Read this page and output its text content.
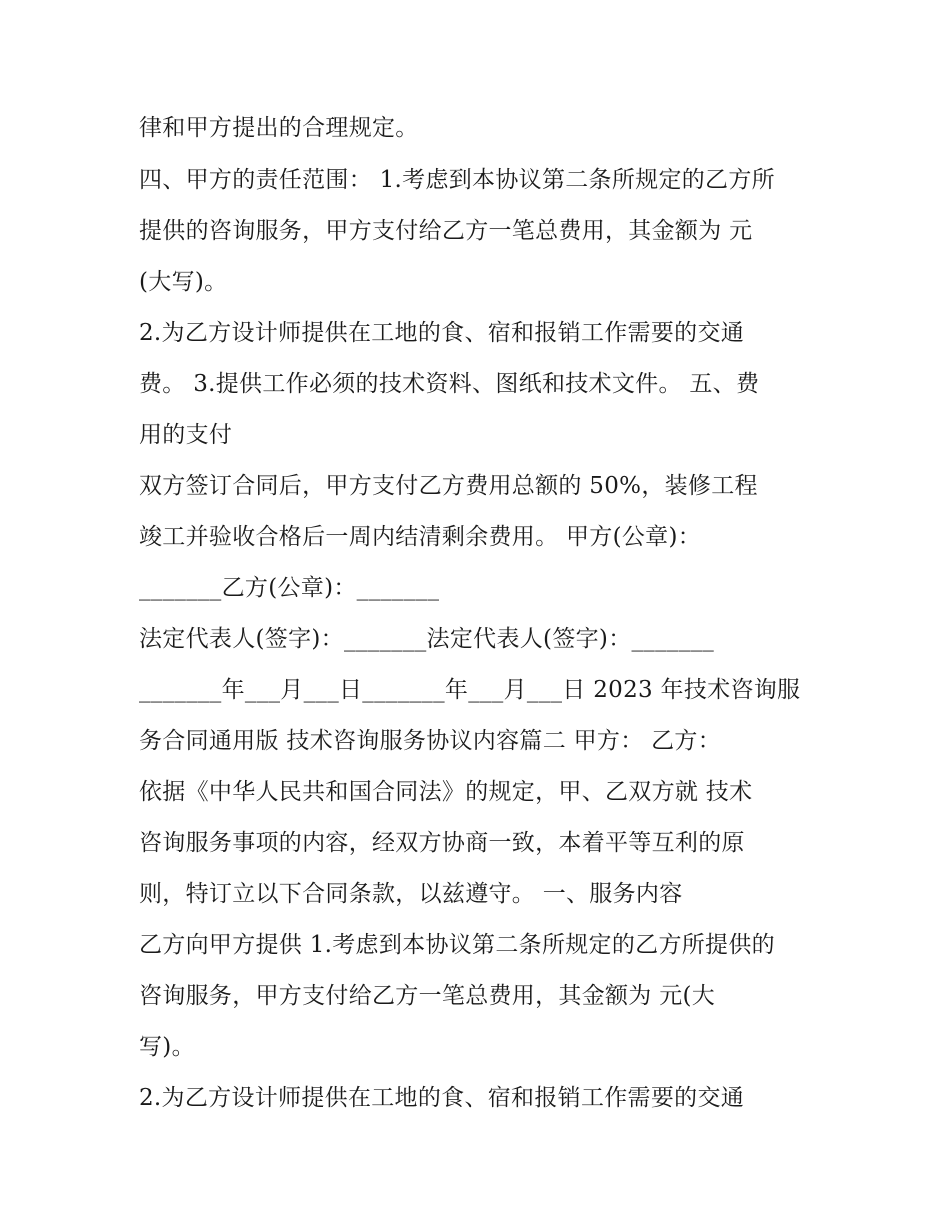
律和甲方提出的合理规定。
四、甲方的责任范围： 1.考虑到本协议第二条所规定的乙方所
提供的咨询服务，甲方支付给乙方一笔总费用，其金额为 元
(大写)。
2.为乙方设计师提供在工地的食、宿和报销工作需要的交通
费。 3.提供工作必须的技术资料、图纸和技术文件。 五、费
用的支付
双方签订合同后，甲方支付乙方费用总额的 50%，装修工程
竣工并验收合格后一周内结清剩余费用。 甲方(公章)：
_______乙方(公章)：_______
法定代表人(签字)：_______法定代表人(签字)：_______
_______年___月___日_______年___月___日 2023 年技术咨询服
务合同通用版 技术咨询服务协议内容篇二 甲方： 乙方：
依据《中华人民共和国合同法》的规定，甲、乙双方就 技术
咨询服务事项的内容，经双方协商一致，本着平等互利的原
则，特订立以下合同条款，以兹遵守。 一、服务内容
乙方向甲方提供 1.考虑到本协议第二条所规定的乙方所提供的
咨询服务，甲方支付给乙方一笔总费用，其金额为 元(大
写)。
2.为乙方设计师提供在工地的食、宿和报销工作需要的交通
